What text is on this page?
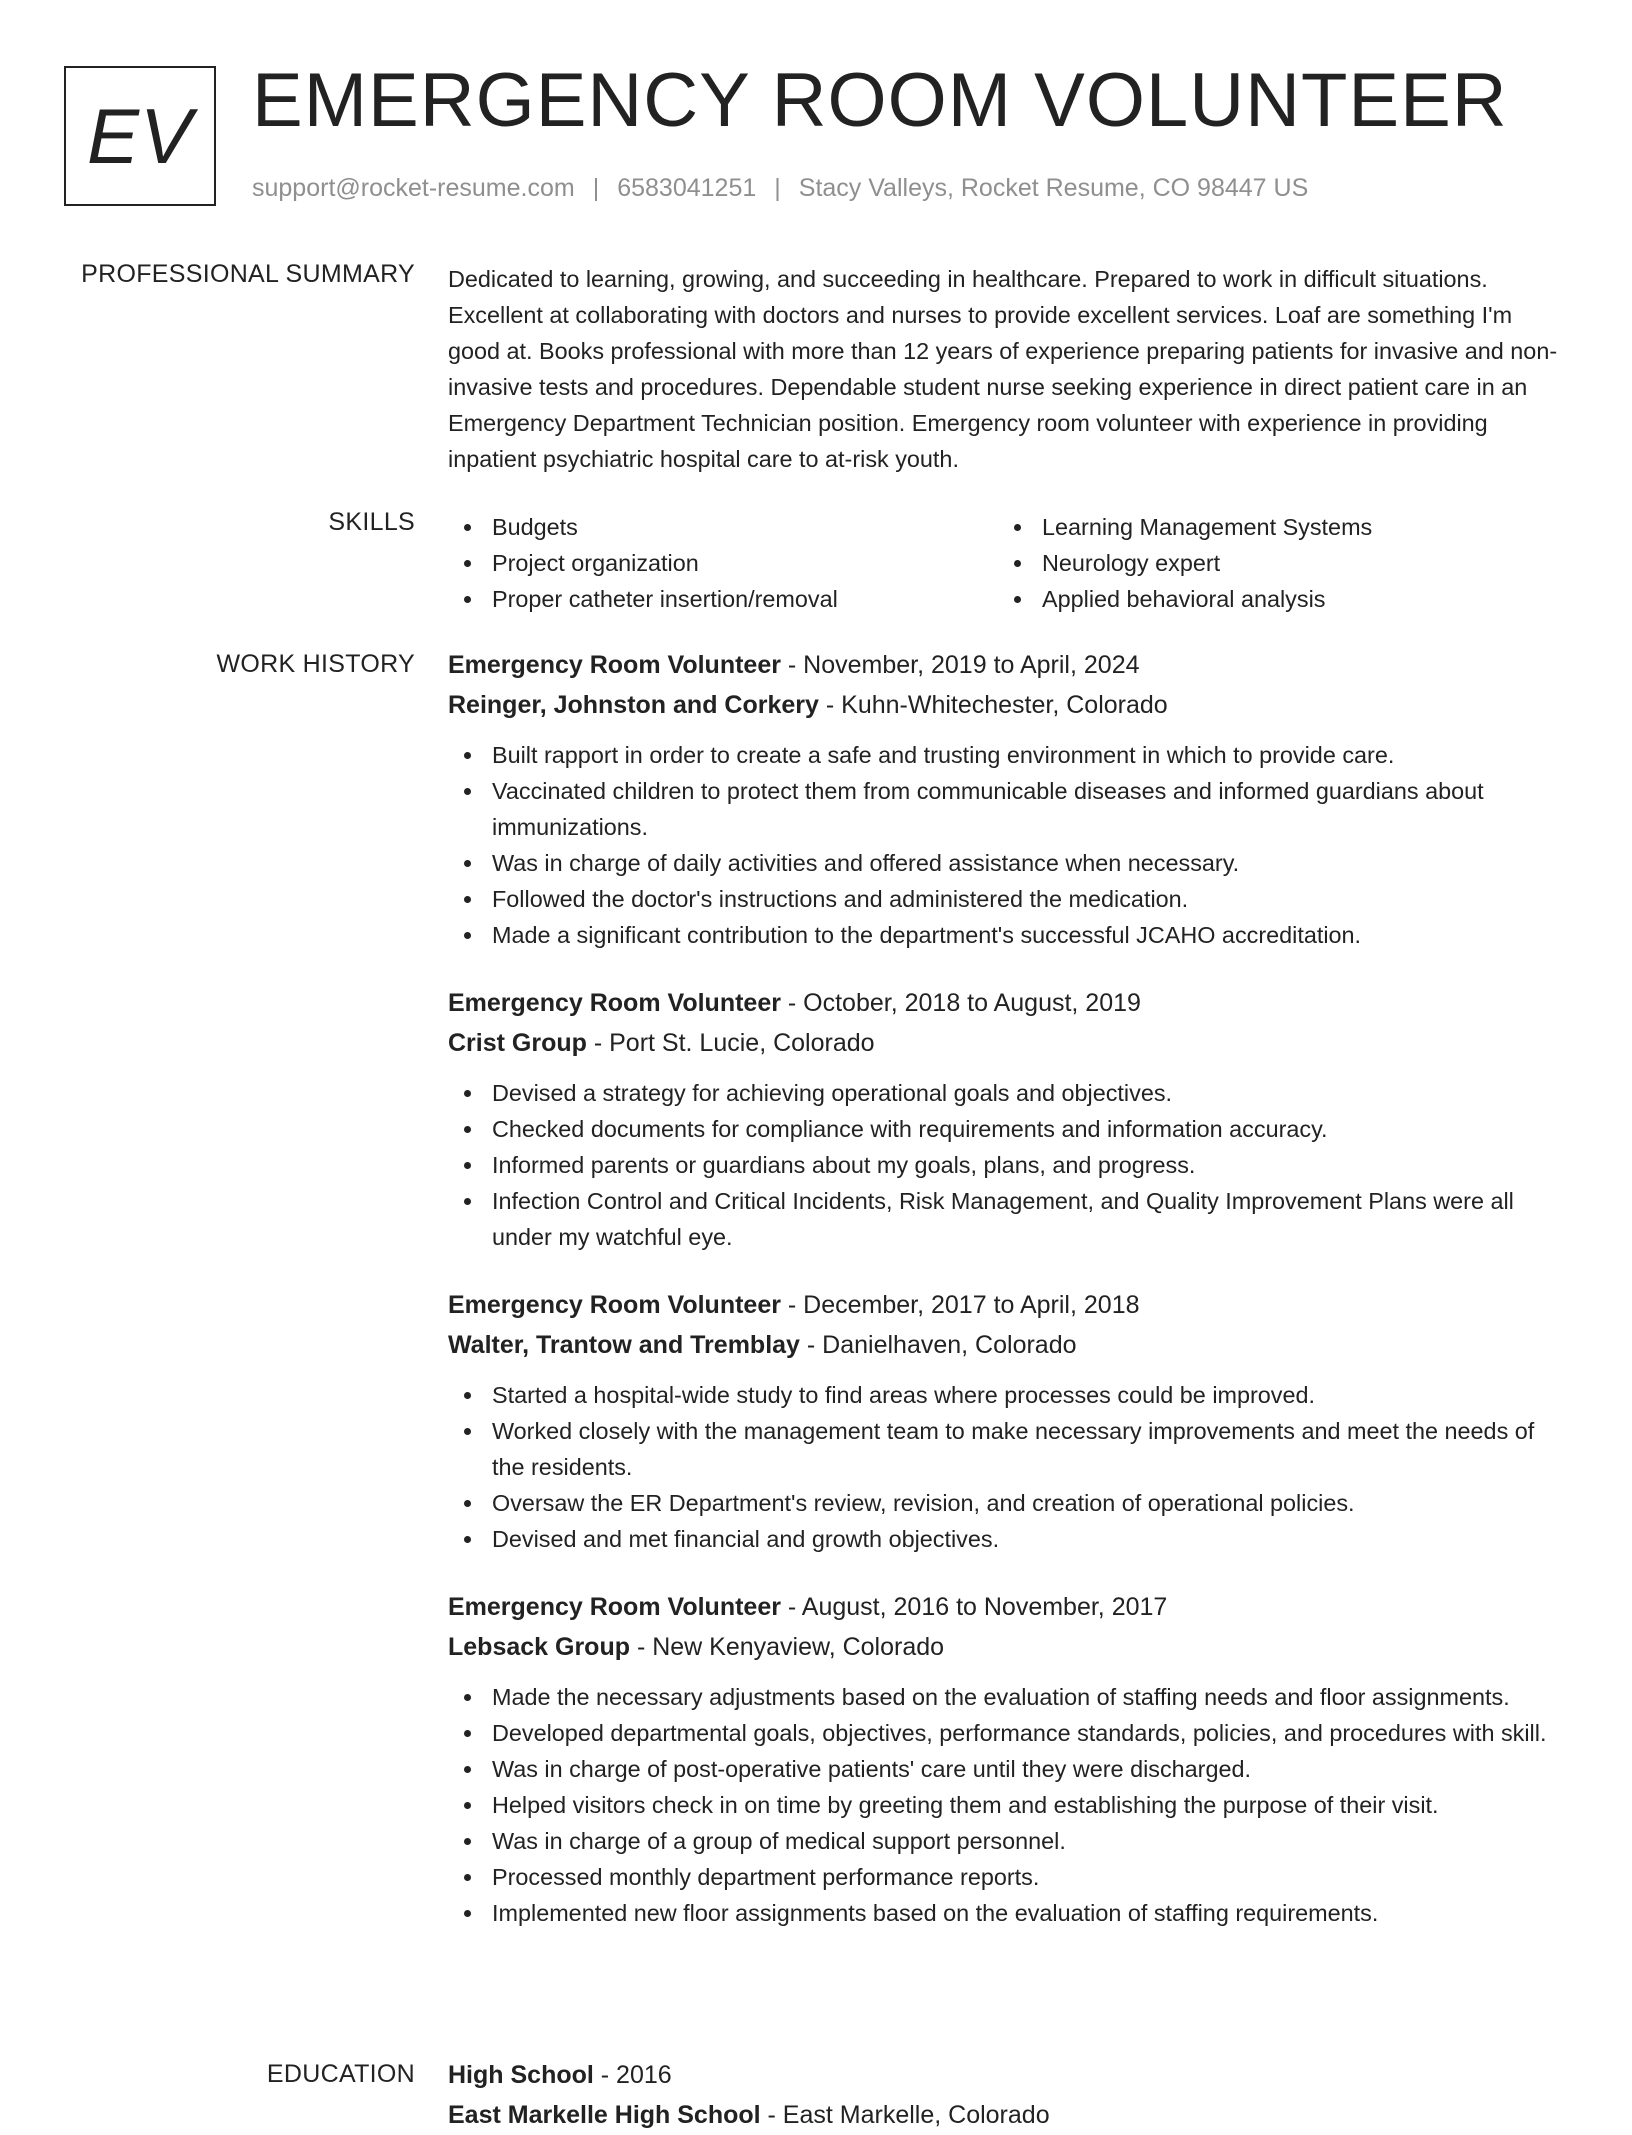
EV EMERGENCY ROOM VOLUNTEER
support@rocket-resume.com | 6583041251 | Stacy Valleys, Rocket Resume, CO 98447 US
PROFESSIONAL SUMMARY Dedicated to learning, growing, and succeeding in healthcare. Prepared to work in difficult situations. Excellent at collaborating with doctors and nurses to provide excellent services. Loaf are something I'm good at. Books professional with more than 12 years of experience preparing patients for invasive and non-invasive tests and procedures. Dependable student nurse seeking experience in direct patient care in an Emergency Department Technician position. Emergency room volunteer with experience in providing inpatient psychiatric hospital care to at-risk youth.

SKILLS	Budgets
Project organization
Proper catheter insertion/removal
Learning Management Systems
Neurology expert
Applied behavioral analysis
WORK HISTORY Emergency Room Volunteer - November, 2019 to April, 2024
Reinger, Johnston and Corkery - Kuhn-Whitechester, Colorado
Built rapport in order to create a safe and trusting environment in which to provide care.
Vaccinated children to protect them from communicable diseases and informed guardians about immunizations.
Was in charge of daily activities and offered assistance when necessary.
Followed the doctor's instructions and administered the medication.
Made a significant contribution to the department's successful JCAHO accreditation.
Emergency Room Volunteer - October, 2018 to August, 2019
Crist Group - Port St. Lucie, Colorado
Devised a strategy for achieving operational goals and objectives.
Checked documents for compliance with requirements and information accuracy.
Informed parents or guardians about my goals, plans, and progress.
Infection Control and Critical Incidents, Risk Management, and Quality Improvement Plans were all under my watchful eye.
Emergency Room Volunteer - December, 2017 to April, 2018
Walter, Trantow and Tremblay - Danielhaven, Colorado
Started a hospital-wide study to find areas where processes could be improved.
Worked closely with the management team to make necessary improvements and meet the needs of the residents.
Oversaw the ER Department's review, revision, and creation of operational policies.
Devised and met financial and growth objectives.
Emergency Room Volunteer - August, 2016 to November, 2017
Lebsack Group - New Kenyaview, Colorado
Made the necessary adjustments based on the evaluation of staffing needs and floor assignments.
Developed departmental goals, objectives, performance standards, policies, and procedures with skill.
Was in charge of post-operative patients' care until they were discharged.
Helped visitors check in on time by greeting them and establishing the purpose of their visit.
Was in charge of a group of medical support personnel.
Processed monthly department performance reports.
Implemented new floor assignments based on the evaluation of staffing requirements.
EDUCATION High School - 2016
East Markelle High School - East Markelle, Colorado
